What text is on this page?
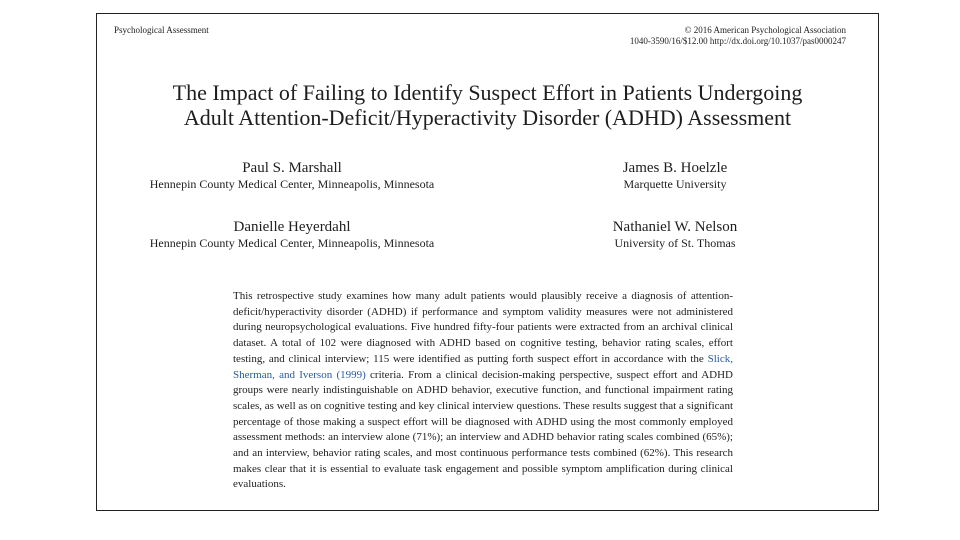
Psychological Assessment	© 2016 American Psychological Association
1040-3590/16/$12.00 http://dx.doi.org/10.1037/pas0000247
The Impact of Failing to Identify Suspect Effort in Patients Undergoing
Adult Attention-Deficit/Hyperactivity Disorder (ADHD) Assessment
Paul S. Marshall
Hennepin County Medical Center, Minneapolis, Minnesota
James B. Hoelzle
Marquette University
Danielle Heyerdahl
Hennepin County Medical Center, Minneapolis, Minnesota
Nathaniel W. Nelson
University of St. Thomas
This retrospective study examines how many adult patients would plausibly receive a diagnosis of attention-deficit/hyperactivity disorder (ADHD) if performance and symptom validity measures were not administered during neuropsychological evaluations. Five hundred fifty-four patients were extracted from an archival clinical dataset. A total of 102 were diagnosed with ADHD based on cognitive testing, behavior rating scales, effort testing, and clinical interview; 115 were identified as putting forth suspect effort in accordance with the Slick, Sherman, and Iverson (1999) criteria. From a clinical decision-making perspective, suspect effort and ADHD groups were nearly indistinguishable on ADHD behavior, executive function, and functional impairment rating scales, as well as on cognitive testing and key clinical interview questions. These results suggest that a significant percentage of those making a suspect effort will be diagnosed with ADHD using the most commonly employed assessment methods: an interview alone (71%); an interview and ADHD behavior rating scales combined (65%); and an interview, behavior rating scales, and most continuous performance tests combined (62%). This research makes clear that it is essential to evaluate task engagement and possible symptom amplification during clinical evaluations.
